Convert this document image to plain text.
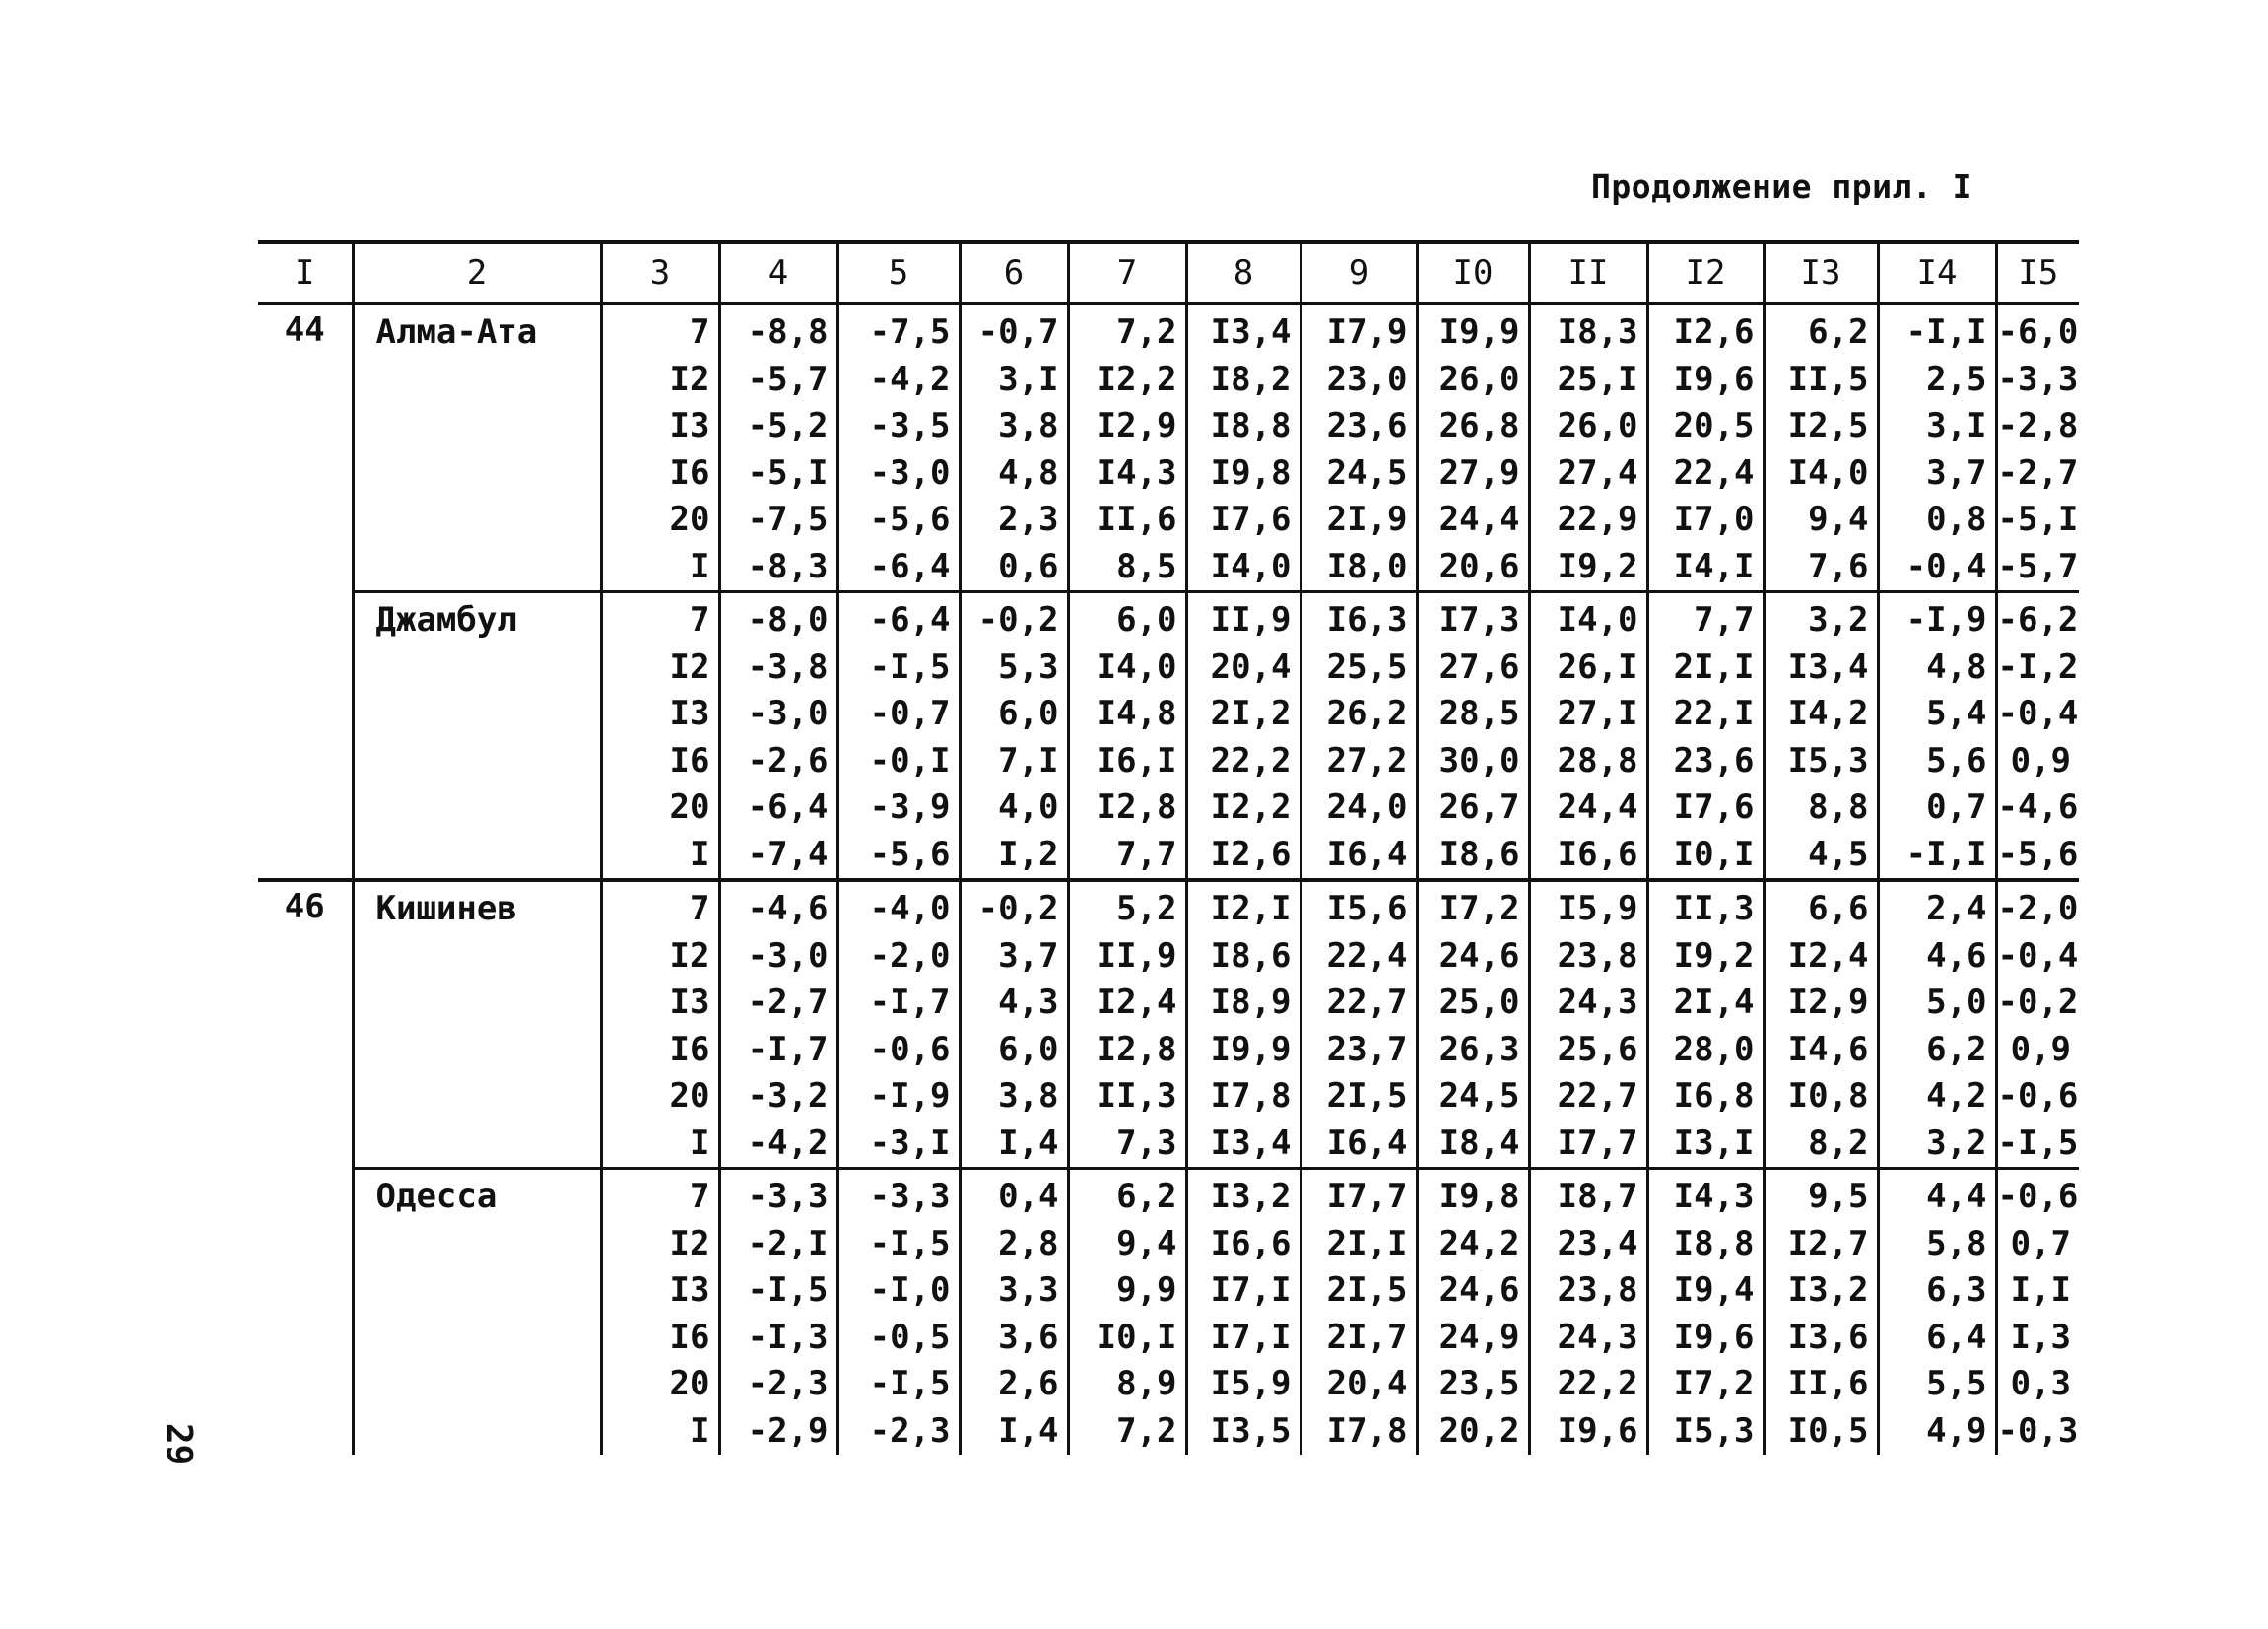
Продолжение прил. I
I	2	3	4	5	6	7	8	9	I0	II	I2	I3	I4	I5
44	Алма-Ата	7	-8,8	-7,5	-0,7	7,2	I3,4	I7,9	I9,9	I8,3	I2,6	6,2	-I,I	-6,0
		I2	-5,7	-4,2	3,I	I2,2	I8,2	23,0	26,0	25,I	I9,6	II,5	2,5	-3,3
		I3	-5,2	-3,5	3,8	I2,9	I8,8	23,6	26,8	26,0	20,5	I2,5	3,I	-2,8
		I6	-5,I	-3,0	4,8	I4,3	I9,8	24,5	27,9	27,4	22,4	I4,0	3,7	-2,7
		20	-7,5	-5,6	2,3	II,6	I7,6	2I,9	24,4	22,9	I7,0	9,4	0,8	-5,I
		I	-8,3	-6,4	0,6	8,5	I4,0	I8,0	20,6	I9,2	I4,I	7,6	-0,4	-5,7
	Джамбул	7	-8,0	-6,4	-0,2	6,0	II,9	I6,3	I7,3	I4,0	7,7	3,2	-I,9	-6,2
		I2	-3,8	-I,5	5,3	I4,0	20,4	25,5	27,6	26,I	2I,I	I3,4	4,8	-I,2
		I3	-3,0	-0,7	6,0	I4,8	2I,2	26,2	28,5	27,I	22,I	I4,2	5,4	-0,4
		I6	-2,6	-0,I	7,I	I6,I	22,2	27,2	30,0	28,8	23,6	I5,3	5,6	0,9
		20	-6,4	-3,9	4,0	I2,8	I2,2	24,0	26,7	24,4	I7,6	8,8	0,7	-4,6
		I	-7,4	-5,6	I,2	7,7	I2,6	I6,4	I8,6	I6,6	I0,I	4,5	-I,I	-5,6
46	Кишинев	7	-4,6	-4,0	-0,2	5,2	I2,I	I5,6	I7,2	I5,9	II,3	6,6	2,4	-2,0
		I2	-3,0	-2,0	3,7	II,9	I8,6	22,4	24,6	23,8	I9,2	I2,4	4,6	-0,4
		I3	-2,7	-I,7	4,3	I2,4	I8,9	22,7	25,0	24,3	2I,4	I2,9	5,0	-0,2
		I6	-I,7	-0,6	6,0	I2,8	I9,9	23,7	26,3	25,6	28,0	I4,6	6,2	0,9
		20	-3,2	-I,9	3,8	II,3	I7,8	2I,5	24,5	22,7	I6,8	I0,8	4,2	-0,6
		I	-4,2	-3,I	I,4	7,3	I3,4	I6,4	I8,4	I7,7	I3,I	8,2	3,2	-I,5
	Одесса	7	-3,3	-3,3	0,4	6,2	I3,2	I7,7	I9,8	I8,7	I4,3	9,5	4,4	-0,6
		I2	-2,I	-I,5	2,8	9,4	I6,6	2I,I	24,2	23,4	I8,8	I2,7	5,8	0,7
		I3	-I,5	-I,0	3,3	9,9	I7,I	2I,5	24,6	23,8	I9,4	I3,2	6,3	I,I
		I6	-I,3	-0,5	3,6	I0,I	I7,I	2I,7	24,9	24,3	I9,6	I3,6	6,4	I,3
		20	-2,3	-I,5	2,6	8,9	I5,9	20,4	23,5	22,2	I7,2	II,6	5,5	0,3
		I	-2,9	-2,3	I,4	7,2	I3,5	I7,8	20,2	I9,6	I5,3	I0,5	4,9	-0,3
29
